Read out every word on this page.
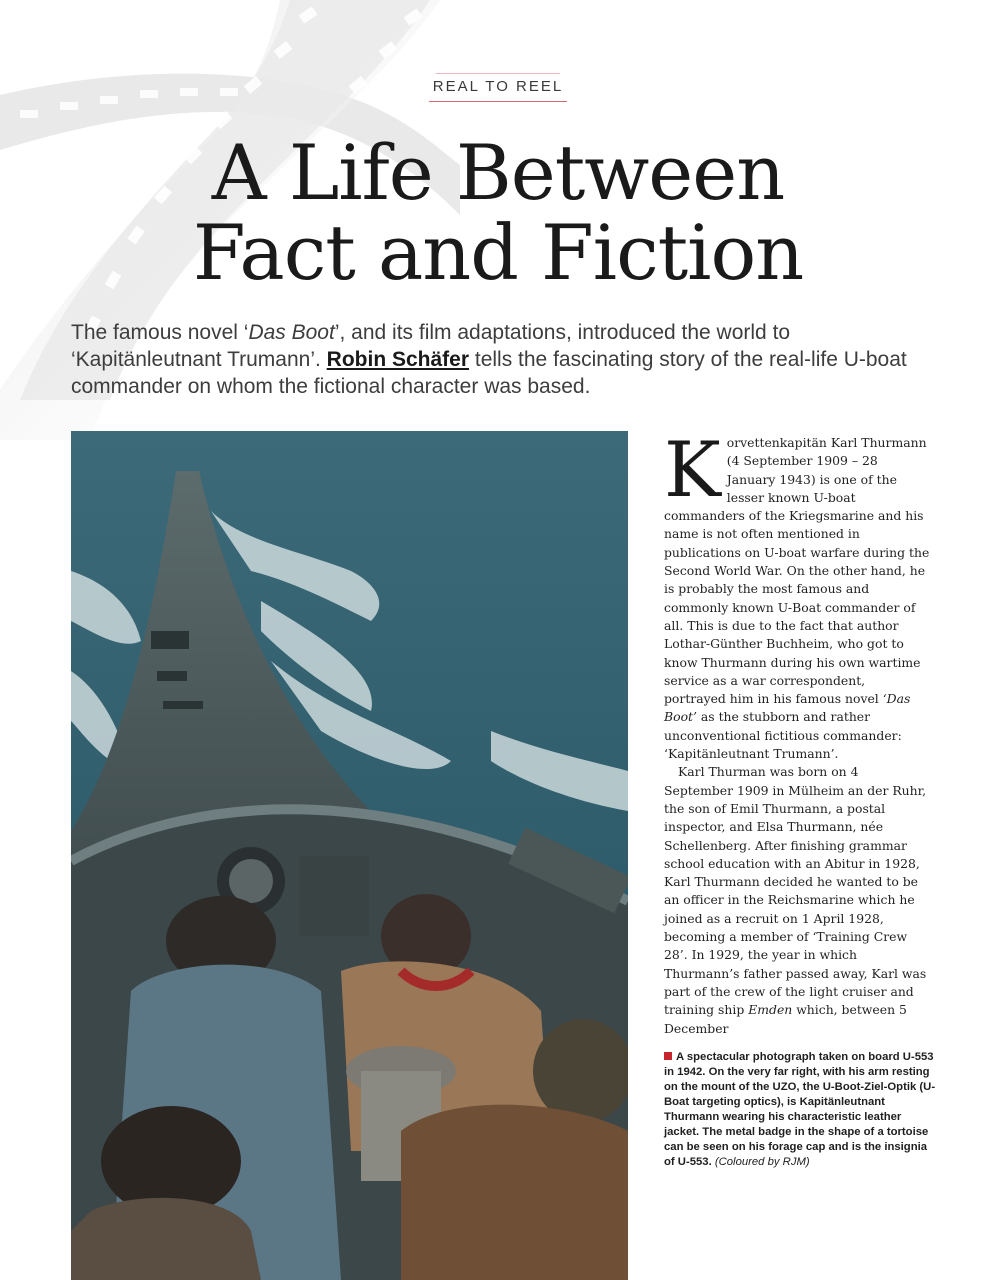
REAL TO REEL
A Life Between
Fact and Fiction

The famous novel ‘Das Boot’, and its film adaptations, introduced the world to ‘Kapitänleutnant Trumann’. Robin Schäfer tells the fascinating story of the real-life U-boat commander on whom the fictional character was based.

Korvettenkapitän Karl Thurmann (4 September 1909 – 28 January 1943) is one of the lesser known U-boat commanders of the Kriegsmarine and his name is not often mentioned in publications on U-boat warfare during the Second World War. On the other hand, he is probably the most famous and commonly known U-Boat commander of all. This is due to the fact that author Lothar-Günther Buchheim, who got to know Thurmann during his own wartime service as a war correspondent, portrayed him in his famous novel ‘Das Boot’ as the stubborn and rather unconventional fictitious commander: ‘Kapitänleutnant Trumann’.

Karl Thurman was born on 4 September 1909 in Mülheim an der Ruhr, the son of Emil Thurmann, a postal inspector, and Elsa Thurmann, née Schellenberg. After finishing grammar school education with an Abitur in 1928, Karl Thurmann decided he wanted to be an officer in the Reichsmarine which he joined as a recruit on 1 April 1928, becoming a member of ‘Training Crew 28’. In 1929, the year in which Thurmann’s father passed away, Karl was part of the crew of the light cruiser and training ship Emden which, between 5 December

A spectacular photograph taken on board U-553 in 1942. On the very far right, with his arm resting on the mount of the UZO, the U-Boot-Ziel-Optik (U-Boat targeting optics), is Kapitänleutnant Thurmann wearing his characteristic leather jacket. The metal badge in the shape of a tortoise can be seen on his forage cap and is the insignia of U-553. (Coloured by RJM)
